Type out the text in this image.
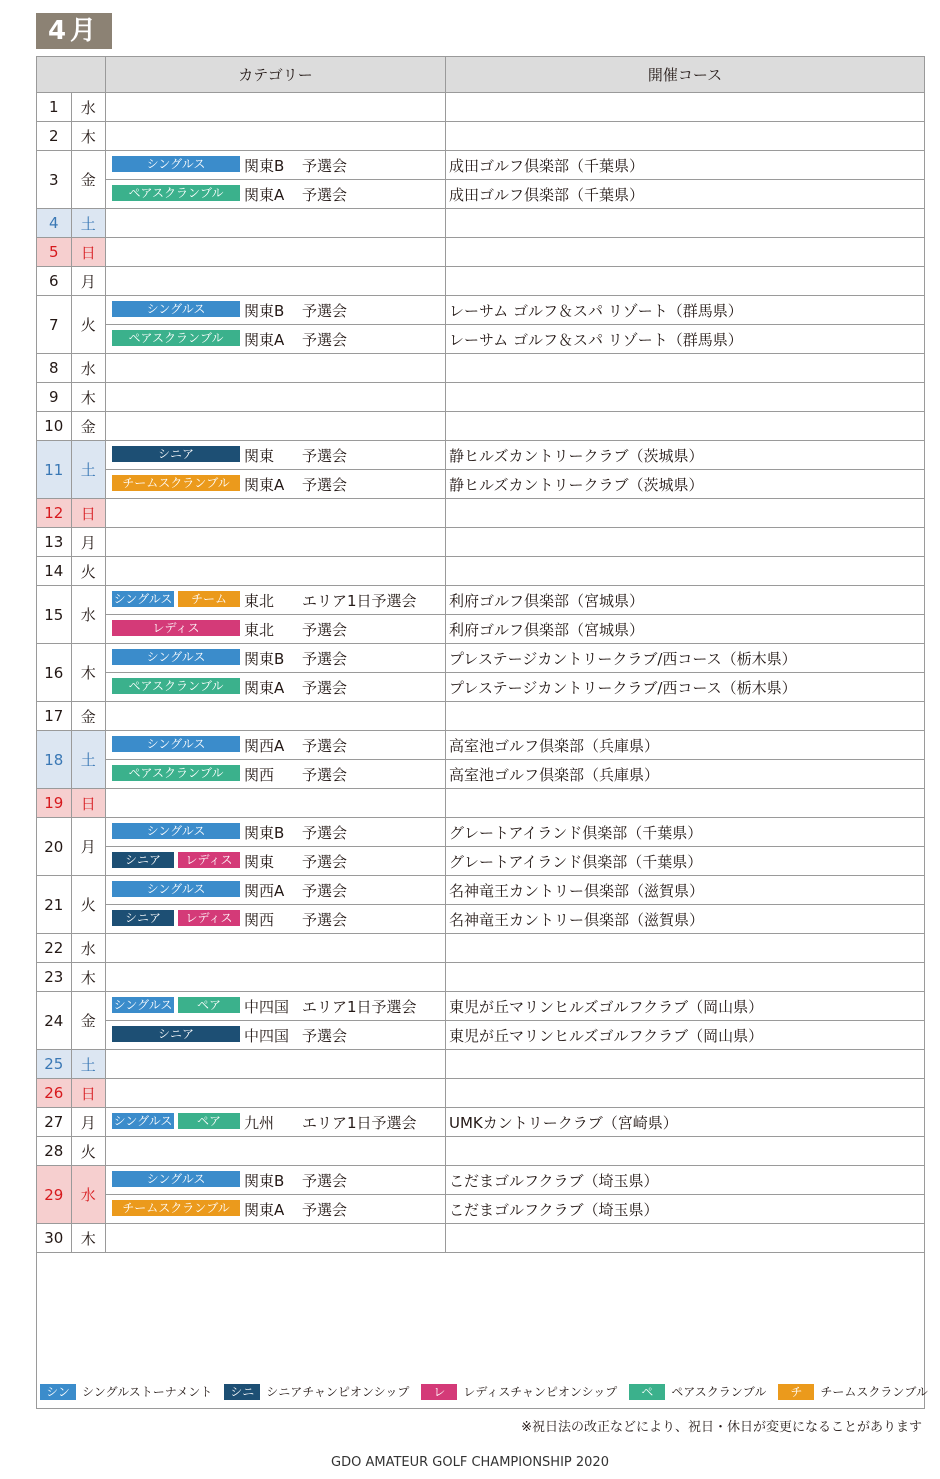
4月
		カテゴリー	開催コース
1	水		
2	木		
3	金	シングルス 関東B 予選会	成田ゴルフ倶楽部（千葉県）
		ペアスクランブル 関東A 予選会	成田ゴルフ倶楽部（千葉県）
4	土		
5	日		
6	月		
7	火	シングルス 関東B 予選会	レーサム ゴルフ＆スパ リゾート（群馬県）
		ペアスクランブル 関東A 予選会	レーサム ゴルフ＆スパ リゾート（群馬県）
8	水		
9	木		
10	金		
11	土	シニア 関東 予選会	静ヒルズカントリークラブ（茨城県）
		チームスクランブル 関東A 予選会	静ヒルズカントリークラブ（茨城県）
12	日		
13	月		
14	火		
15	水	シングルス チーム 東北 エリア1日予選会	利府ゴルフ倶楽部（宮城県）
		レディス 東北 予選会	利府ゴルフ倶楽部（宮城県）
16	木	シングルス 関東B 予選会	プレステージカントリークラブ/西コース（栃木県）
		ペアスクランブル 関東A 予選会	プレステージカントリークラブ/西コース（栃木県）
17	金		
18	土	シングルス 関西A 予選会	高室池ゴルフ倶楽部（兵庫県）
		ペアスクランブル 関西 予選会	高室池ゴルフ倶楽部（兵庫県）
19	日		
20	月	シングルス 関東B 予選会	グレートアイランド倶楽部（千葉県）
		シニア レディス 関東 予選会	グレートアイランド倶楽部（千葉県）
21	火	シングルス 関西A 予選会	名神竜王カントリー倶楽部（滋賀県）
		シニア レディス 関西 予選会	名神竜王カントリー倶楽部（滋賀県）
22	水		
23	木		
24	金	シングルス ペア 中四国 エリア1日予選会	東児が丘マリンヒルズゴルフクラブ（岡山県）
		シニア 中四国 予選会	東児が丘マリンヒルズゴルフクラブ（岡山県）
25	土		
26	日		
27	月	シングルス ペア 九州 エリア1日予選会	UMKカントリークラブ（宮崎県）
28	火		
29	水	シングルス 関東B 予選会	こだまゴルフクラブ（埼玉県）
		チームスクランブル 関東A 予選会	こだまゴルフクラブ（埼玉県）
30	木		
シン シングルストーナメント シニ シニアチャンピオンシップ レ レディスチャンピオンシップ ペ ペアスクランブル チ チームスクランブル
※祝日法の改正などにより、祝日・休日が変更になることがあります
GDO AMATEUR GOLF CHAMPIONSHIP 2020
